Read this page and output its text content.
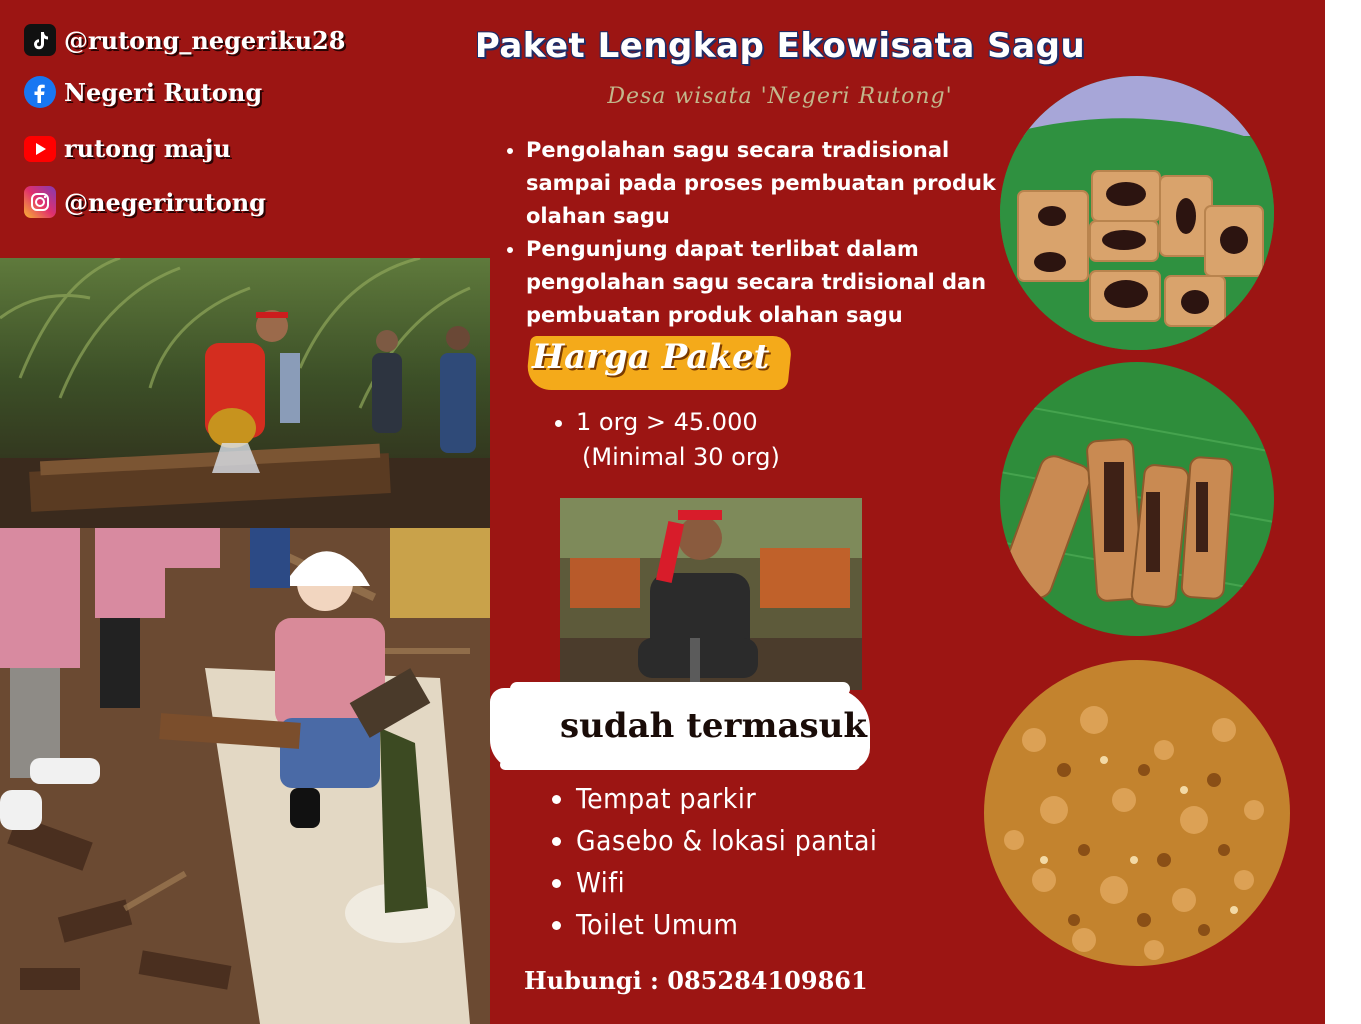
@rutong_negeriku28
Negeri Rutong
rutong maju
@negerirutong
Paket Lengkap Ekowisata Sagu
Desa wisata 'Negeri Rutong'
• Pengolahan sagu secara tradisional sampai pada proses pembuatan produk olahan sagu
• Pengunjung dapat terlibat dalam pengolahan sagu secara trdisional dan pembuatan produk olahan sagu
Harga Paket
• 1 org > 45.000
(Minimal 30 org)
sudah termasuk
• Tempat parkir
• Gasebo & lokasi pantai
• Wifi
• Toilet Umum
Hubungi : 085284109861
